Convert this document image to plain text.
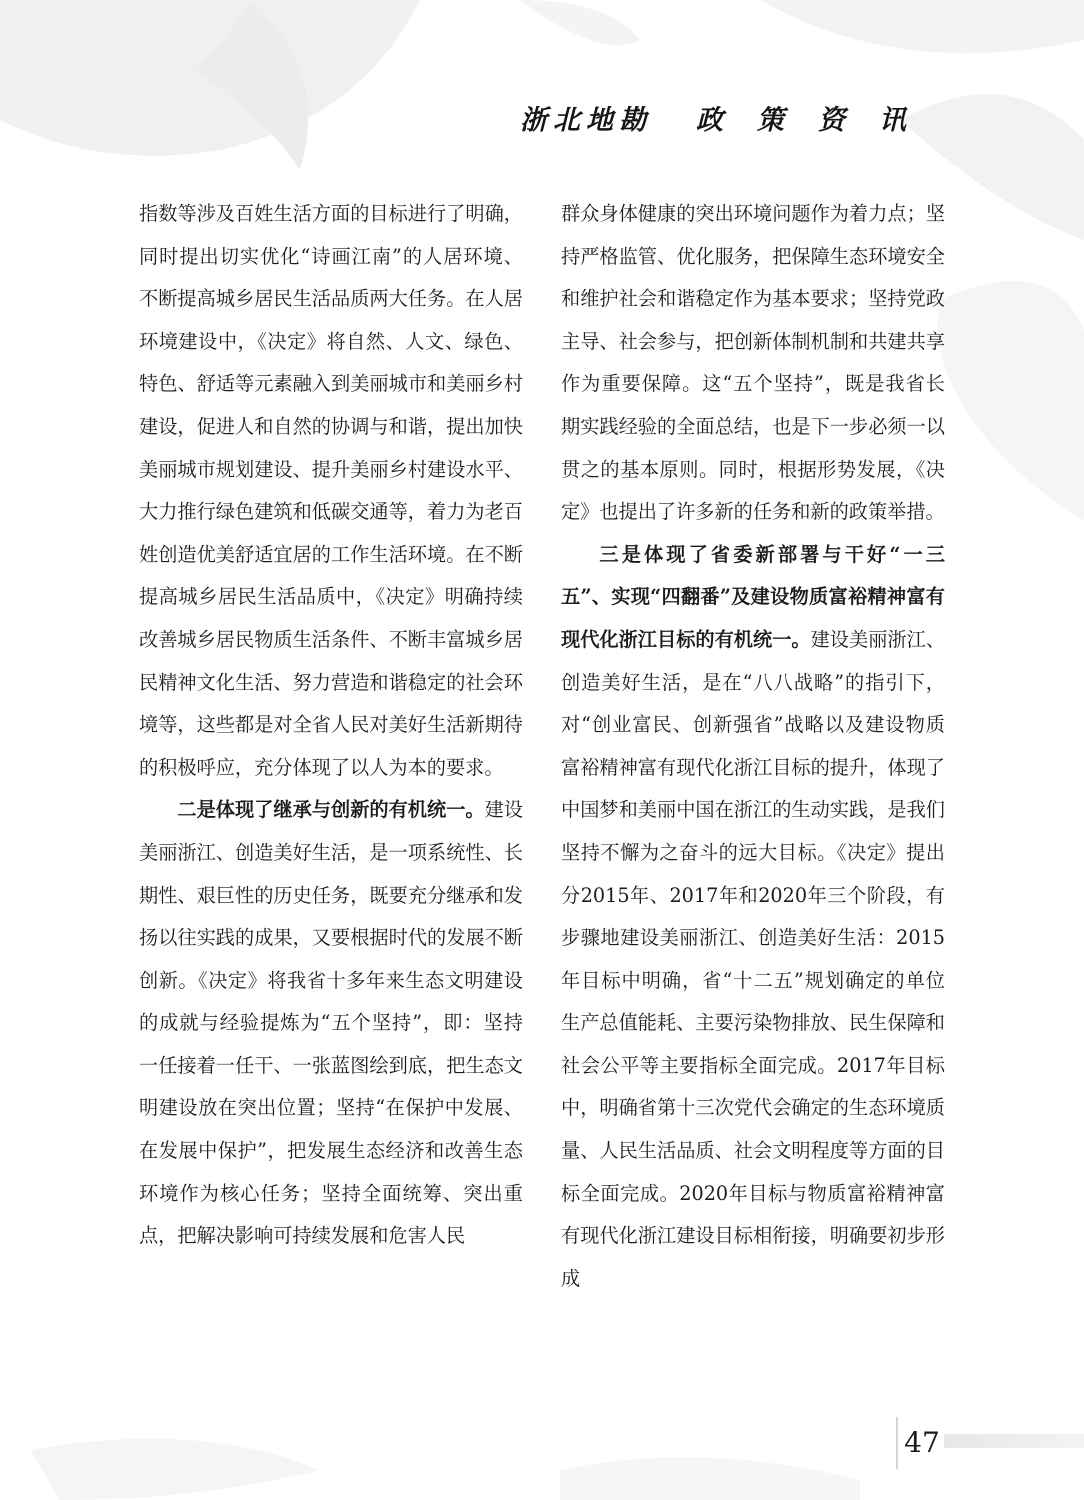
浙北地勘 政策资讯

指数等涉及百姓生活方面的目标进行了明确，同时提出切实优化“诗画江南”的人居环境、不断提高城乡居民生活品质两大任务。在人居环境建设中，《决定》将自然、人文、绿色、特色、舒适等元素融入到美丽城市和美丽乡村建设，促进人和自然的协调与和谐，提出加快美丽城市规划建设、提升美丽乡村建设水平、大力推行绿色建筑和低碳交通等，着力为老百姓创造优美舒适宜居的工作生活环境。在不断提高城乡居民生活品质中，《决定》明确持续改善城乡居民物质生活条件、不断丰富城乡居民精神文化生活、努力营造和谐稳定的社会环境等，这些都是对全省人民对美好生活新期待的积极呼应，充分体现了以人为本的要求。

二是体现了继承与创新的有机统一。建设美丽浙江、创造美好生活，是一项系统性、长期性、艰巨性的历史任务，既要充分继承和发扬以往实践的成果，又要根据时代的发展不断创新。《决定》将我省十多年来生态文明建设的成就与经验提炼为“五个坚持”，即：坚持一任接着一任干、一张蓝图绘到底，把生态文明建设放在突出位置；坚持“在保护中发展、在发展中保护”，把发展生态经济和改善生态环境作为核心任务；坚持全面统筹、突出重点，把解决影响可持续发展和危害人民

群众身体健康的突出环境问题作为着力点；坚持严格监管、优化服务，把保障生态环境安全和维护社会和谐稳定作为基本要求；坚持党政主导、社会参与，把创新体制机制和共建共享作为重要保障。这“五个坚持”，既是我省长期实践经验的全面总结，也是下一步必须一以贯之的基本原则。同时，根据形势发展，《决定》也提出了许多新的任务和新的政策举措。

三是体现了省委新部署与干好“一三五”、实现“四翻番”及建设物质富裕精神富有现代化浙江目标的有机统一。建设美丽浙江、创造美好生活，是在“八八战略”的指引下，对“创业富民、创新强省”战略以及建设物质富裕精神富有现代化浙江目标的提升，体现了中国梦和美丽中国在浙江的生动实践，是我们坚持不懈为之奋斗的远大目标。《决定》提出分2015年、2017年和2020年三个阶段，有步骤地建设美丽浙江、创造美好生活：2015年目标中明确，省“十二五”规划确定的单位生产总值能耗、主要污染物排放、民生保障和社会公平等主要指标全面完成。2017年目标中，明确省第十三次党代会确定的生态环境质量、人民生活品质、社会文明程度等方面的目标全面完成。2020年目标与物质富裕精神富有现代化浙江建设目标相衔接，明确要初步形成

47
